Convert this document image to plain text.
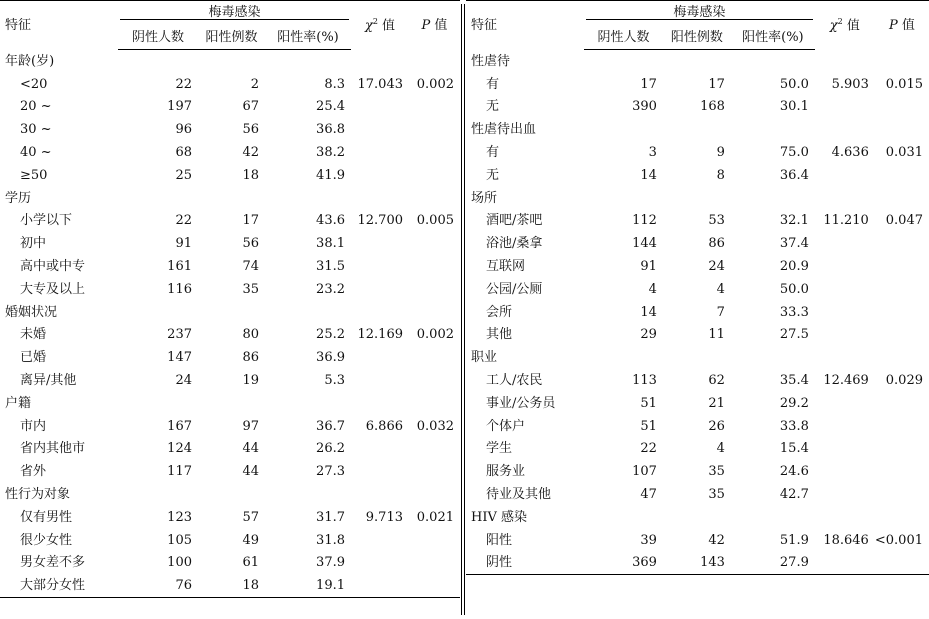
特征	梅毒感染			$\chi^2$ 值	P 值
	阴性人数	阳性例数	阳性率(%)		
年龄(岁)					
<20	22	2	8.3	17.043	0.002
20 ~	197	67	25.4		
30 ~	96	56	36.8		
40 ~	68	42	38.2		
≥50	25	18	41.9		
学历					
小学以下	22	17	43.6	12.700	0.005
初中	91	56	38.1		
高中或中专	161	74	31.5		
大专及以上	116	35	23.2		
婚姻状况					
未婚	237	80	25.2	12.169	0.002
已婚	147	86	36.9		
离异/其他	24	19	5.3		
户籍					
市内	167	97	36.7	6.866	0.032
省内其他市	124	44	26.2		
省外	117	44	27.3		
性行为对象					
仅有男性	123	57	31.7	9.713	0.021
很少女性	105	49	31.8		
男女差不多	100	61	37.9		
大部分女性	76	18	19.1		
特征	梅毒感染			$\chi^2$ 值	P 值
	阴性人数	阳性例数	阳性率(%)		
性虐待					
有	17	17	50.0	5.903	0.015
无	390	168	30.1		
性虐待出血					
有	3	9	75.0	4.636	0.031
无	14	8	36.4		
场所					
酒吧/茶吧	112	53	32.1	11.210	0.047
浴池/桑拿	144	86	37.4		
互联网	91	24	20.9		
公园/公厕	4	4	50.0		
会所	14	7	33.3		
其他	29	11	27.5		
职业					
工人/农民	113	62	35.4	12.469	0.029
事业/公务员	51	21	29.2		
个体户	51	26	33.8		
学生	22	4	15.4		
服务业	107	35	24.6		
待业及其他	47	35	42.7		
HIV 感染					
阳性	39	42	51.9	18.646	<0.001
阴性	369	143	27.9		
